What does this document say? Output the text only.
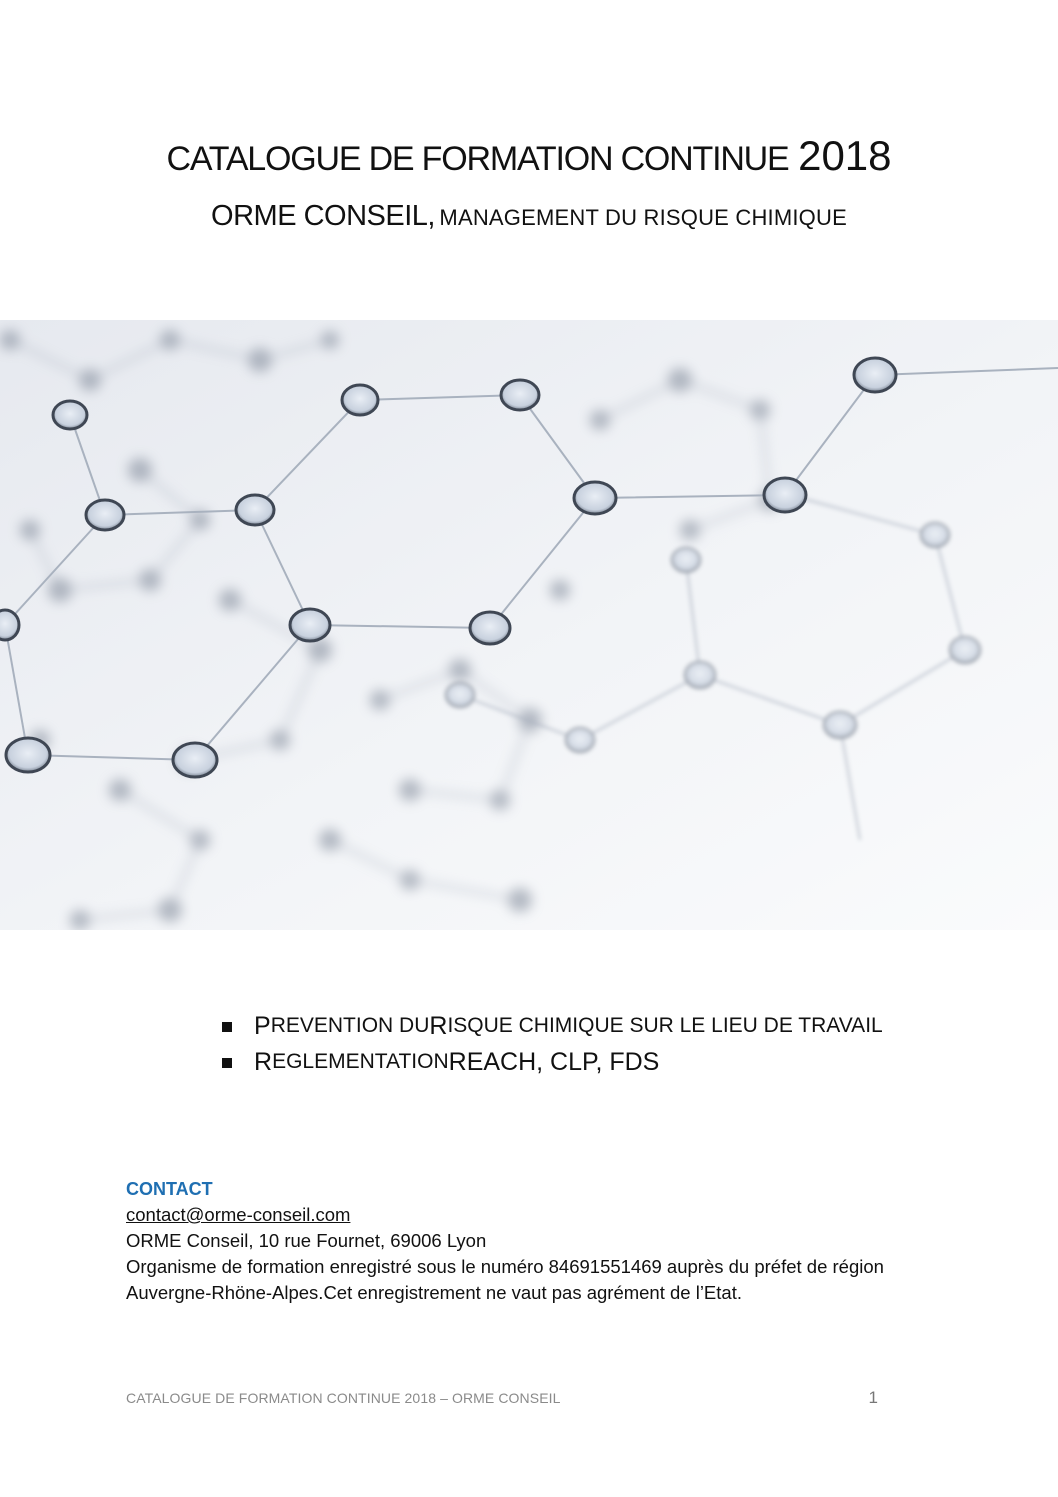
CATALOGUE DE FORMATION CONTINUE 2018
ORME CONSEIL, MANAGEMENT DU RISQUE CHIMIQUE
P REVENTION DU R ISQUE CHIMIQUE SUR LE LIEU DE TRAVAIL
R EGLEMENTATION REACH, CLP, FDS
CONTACT
contact@orme-conseil.com
ORME Conseil, 10 rue Fournet, 69006 Lyon
Organisme de formation enregistré sous le numéro 84691551469 auprès du préfet de région
Auvergne-Rhöne-Alpes.Cet enregistrement ne vaut pas agrément de l’Etat.
CATALOGUE DE FORMATION CONTINUE 2018 – ORME CONSEIL	1
